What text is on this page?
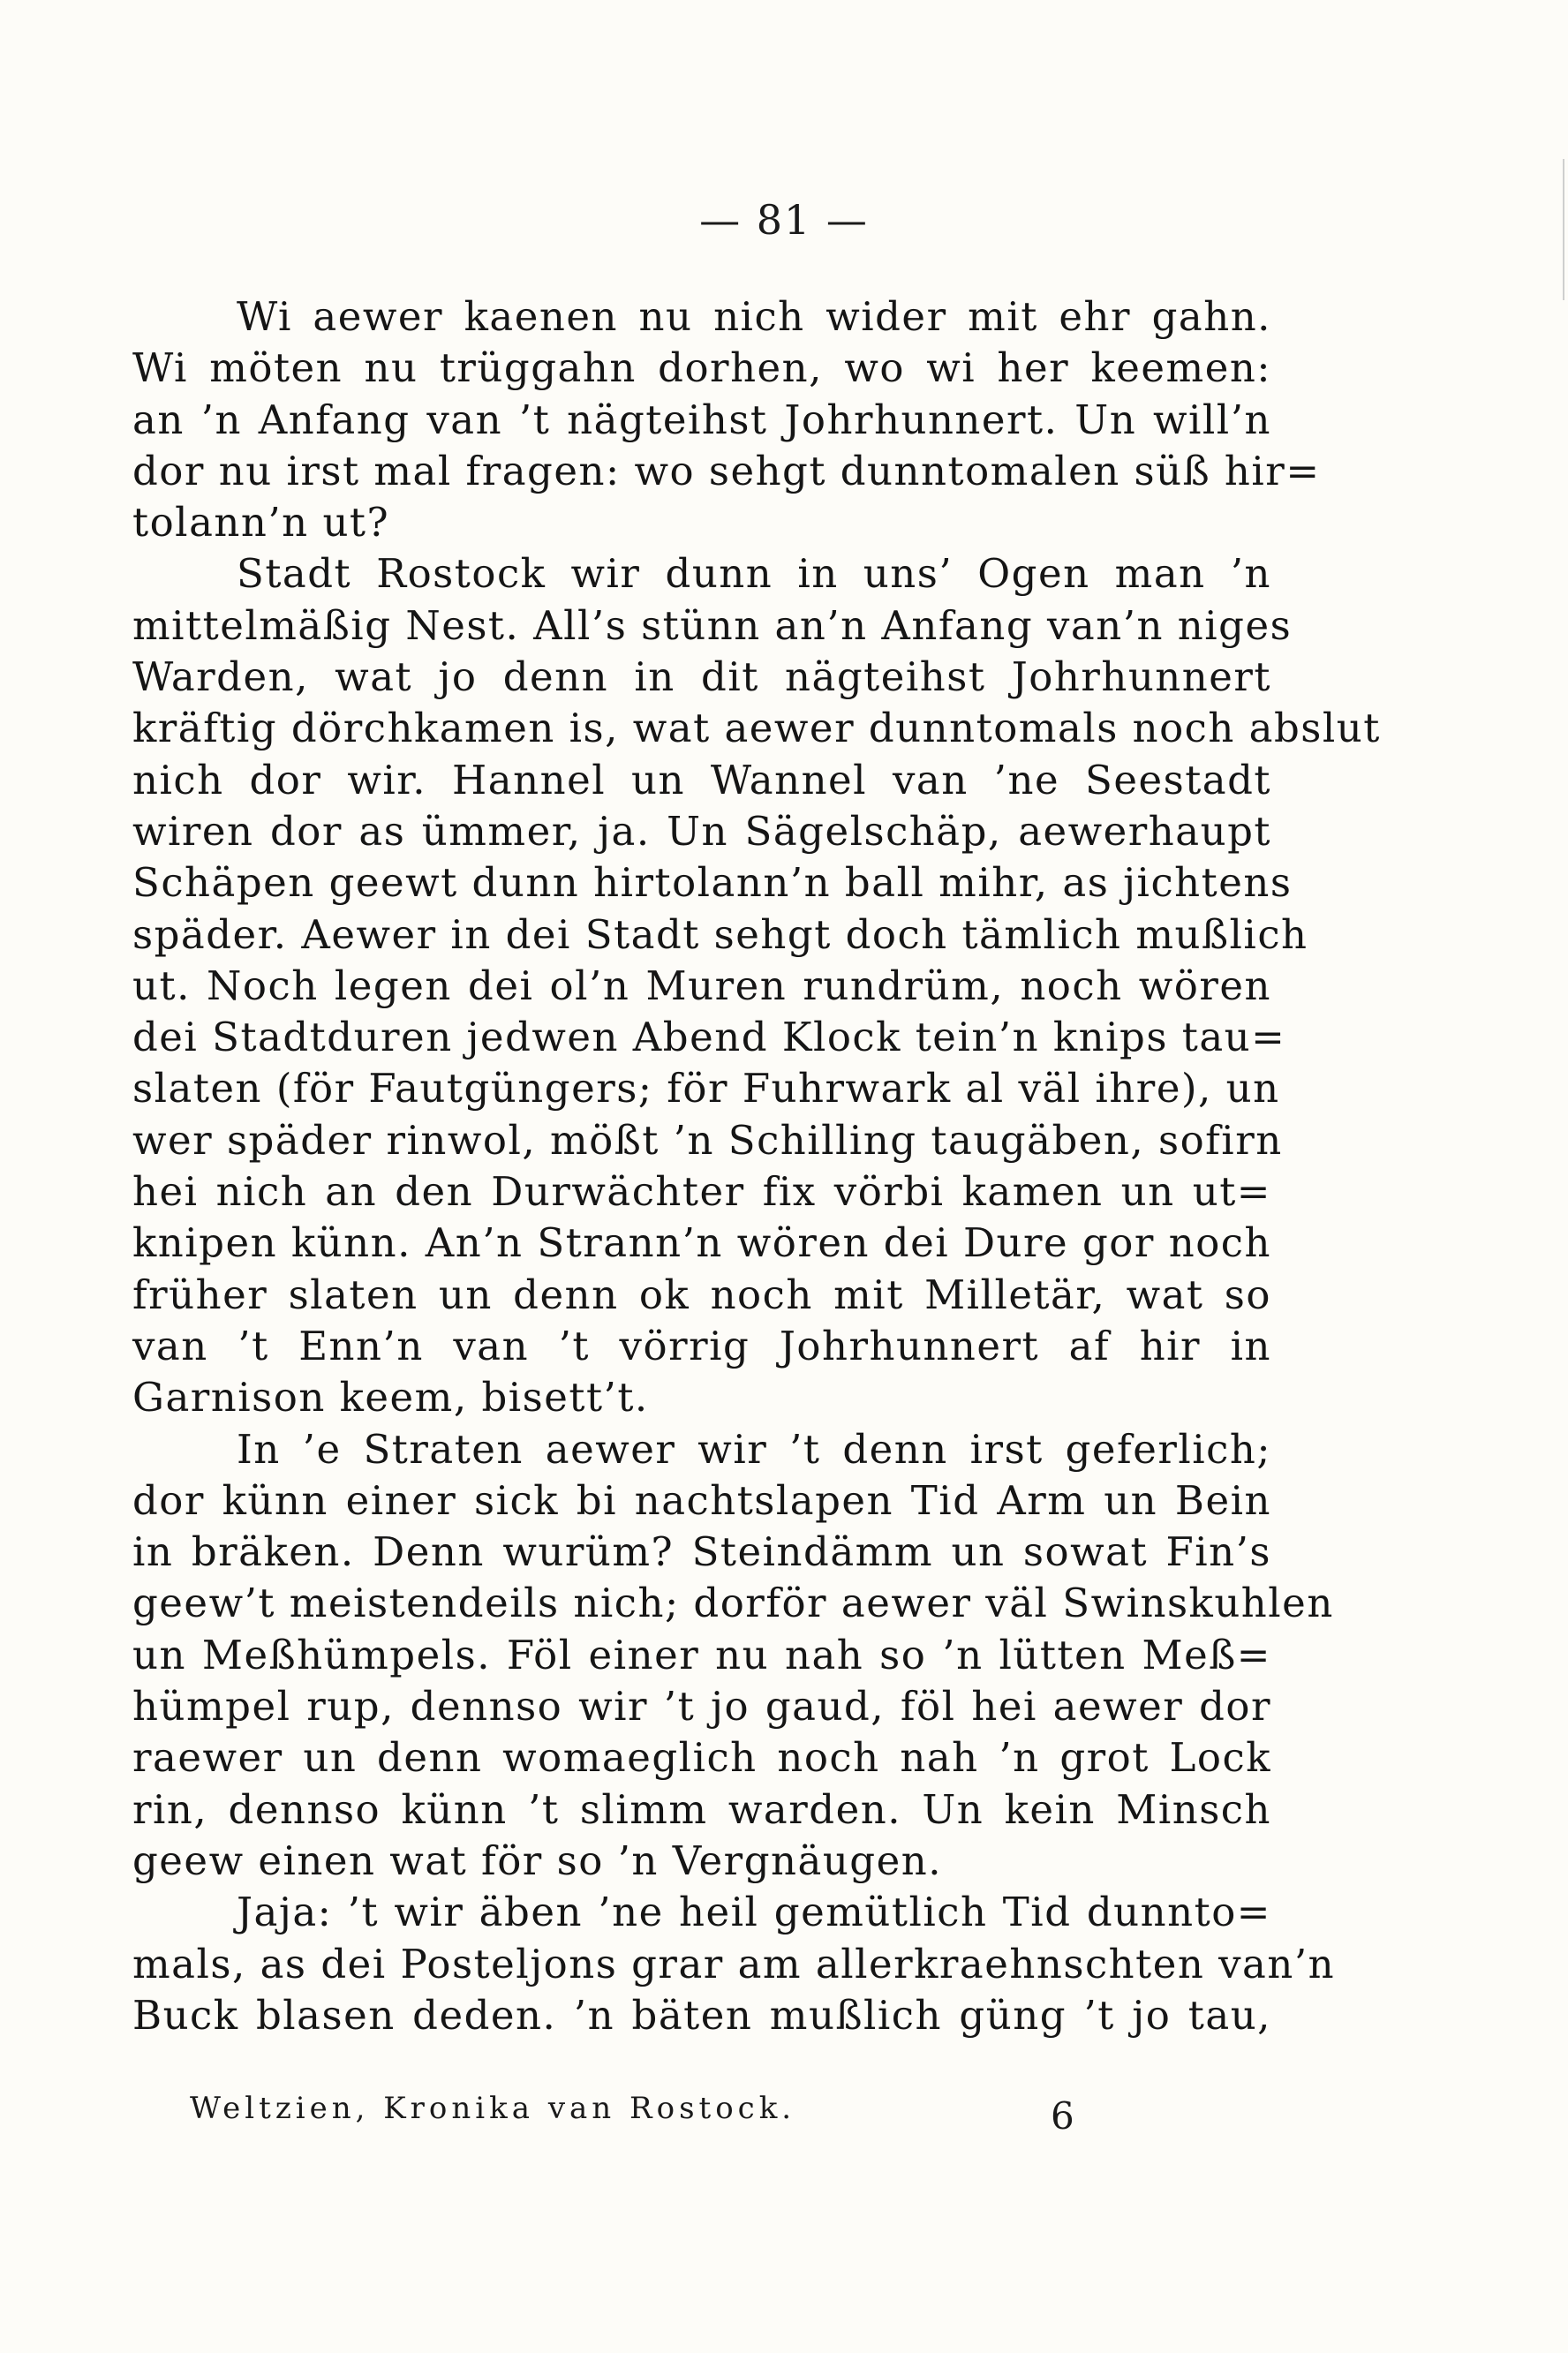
— 81 —
Wi aewer kaenen nu nich wider mit ehr gahn.
Wi möten nu trüggahn dorhen, wo wi her keemen:
an ’n Anfang van ’t nägteihst Johrhunnert. Un will’n
dor nu irst mal fragen: wo sehgt dunntomalen süß hir=
tolann’n ut?
Stadt Rostock wir dunn in uns’ Ogen man ’n
mittelmäßig Nest. All’s stünn an’n Anfang van’n niges
Warden, wat jo denn in dit nägteihst Johrhunnert
kräftig dörchkamen is, wat aewer dunntomals noch abslut
nich dor wir. Hannel un Wannel van ’ne Seestadt
wiren dor as ümmer, ja. Un Sägelschäp, aewerhaupt
Schäpen geewt dunn hirtolann’n ball mihr, as jichtens
späder. Aewer in dei Stadt sehgt doch tämlich mußlich
ut. Noch legen dei ol’n Muren rundrüm, noch wören
dei Stadtduren jedwen Abend Klock tein’n knips tau=
slaten (för Fautgüngers; för Fuhrwark al väl ihre), un
wer späder rinwol, mößt ’n Schilling taugäben, sofirn
hei nich an den Durwächter fix vörbi kamen un ut=
knipen künn. An’n Strann’n wören dei Dure gor noch
früher slaten un denn ok noch mit Milletär, wat so
van ’t Enn’n van ’t vörrig Johrhunnert af hir in
Garnison keem, bisett’t.
In ’e Straten aewer wir ’t denn irst geferlich;
dor künn einer sick bi nachtslapen Tid Arm un Bein
in bräken. Denn wurüm? Steindämm un sowat Fin’s
geew’t meistendeils nich; dorför aewer väl Swinskuhlen
un Meßhümpels. Föl einer nu nah so ’n lütten Meß=
hümpel rup, dennso wir ’t jo gaud, föl hei aewer dor
raewer un denn womaeglich noch nah ’n grot Lock
rin, dennso künn ’t slimm warden. Un kein Minsch
geew einen wat för so ’n Vergnäugen.
Jaja: ’t wir äben ’ne heil gemütlich Tid dunnto=
mals, as dei Posteljons grar am allerkraehnschten van’n
Buck blasen deden. ’n bäten mußlich güng ’t jo tau,
Weltzien, Kronika van Rostock.	6
